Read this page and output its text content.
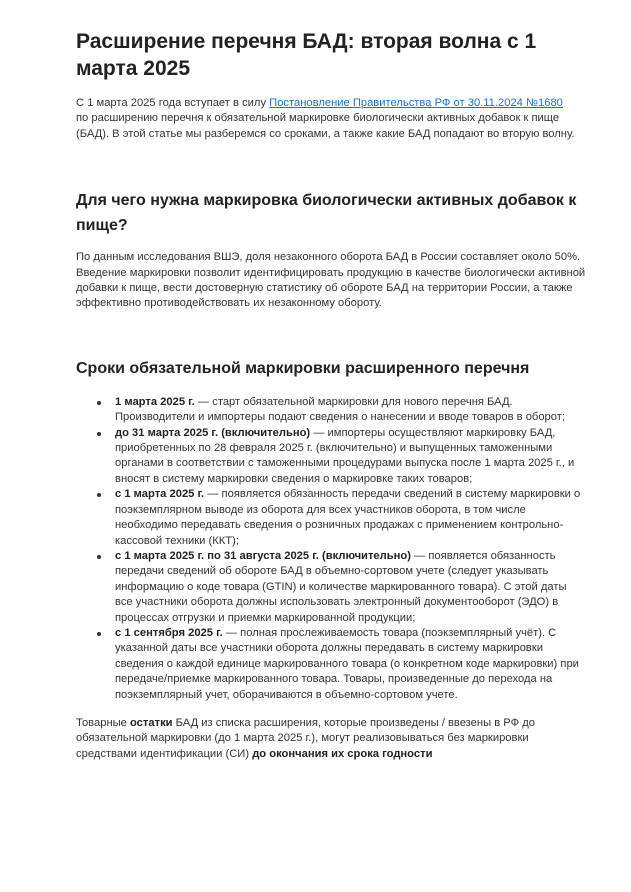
Расширение перечня БАД: вторая волна с 1 марта 2025

С 1 марта 2025 года вступает в силу Постановление Правительства РФ от 30.11.2024 №1680 по расширению перечня к обязательной маркировке биологически активных добавок к пище (БАД). В этой статье мы разберемся со сроками, а также какие БАД попадают во вторую волну.

Для чего нужна маркировка биологически активных добавок к пище?

По данным исследования ВШЭ, доля незаконного оборота БАД в России составляет около 50%. Введение маркировки позволит идентифицировать продукцию в качестве биологически активной добавки к пище, вести достоверную статистику об обороте БАД на территории России, а также эффективно противодействовать их незаконному обороту.

Сроки обязательной маркировки расширенного перечня
1 марта 2025 г. — старт обязательной маркировки для нового перечня БАД. Производители и импортеры подают сведения о нанесении и вводе товаров в оборот;
до 31 марта 2025 г. (включительно) — импортеры осуществляют маркировку БАД, приобретенных по 28 февраля 2025 г. (включительно) и выпущенных таможенными органами в соответствии с таможенными процедурами выпуска после 1 марта 2025 г., и вносят в систему маркировки сведения о маркировке таких товаров;
с 1 марта 2025 г. — появляется обязанность передачи сведений в систему маркировки о поэкземплярном выводе из оборота для всех участников оборота, в том числе необходимо передавать сведения о розничных продажах с применением контрольно-кассовой техники (ККТ);
с 1 марта 2025 г. по 31 августа 2025 г. (включительно) — появляется обязанность передачи сведений об обороте БАД в объемно-сортовом учете (следует указывать информацию о коде товара (GTIN) и количестве маркированного товара). С этой даты все участники оборота должны использовать электронный документооборот (ЭДО) в процессах отгрузки и приемки маркированной продукции;
с 1 сентября 2025 г. — полная прослеживаемость товара (поэкземплярный учёт). С указанной даты все участники оборота должны передавать в систему маркировки сведения о каждой единице маркированного товара (о конкретном коде маркировки) при передаче/приемке маркированного товара. Товары, произведенные до перехода на поэкземплярный учет, оборачиваются в объемно-сортовом учете.

Товарные остатки БАД из списка расширения, которые произведены / ввезены в РФ до обязательной маркировки (до 1 марта 2025 г.), могут реализовываться без маркировки средствами идентификации (СИ) до окончания их срока годности
